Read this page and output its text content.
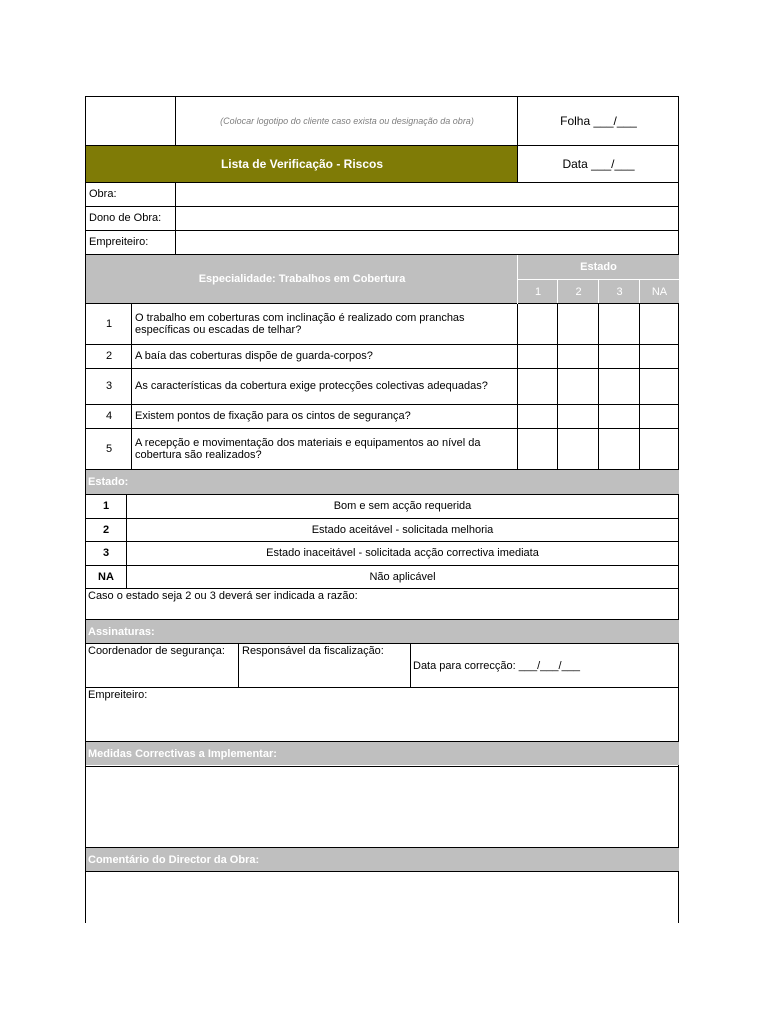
(Colocar logotipo do cliente caso exista ou designação da obra)	Folha ___/___
Lista de Verificação - Riscos	Data ___/___
Obra:
Dono de Obra:
Empreiteiro:
Especialidade: Trabalhos em Cobertura
Estado
1	2	3	NA
1	O trabalho em coberturas com inclinação é realizado com pranchas específicas ou escadas de telhar?
2	A baía das coberturas dispõe de guarda-corpos?
3	As características da cobertura exige protecções colectivas adequadas?
4	Existem pontos de fixação para os cintos de segurança?
5	A recepção e movimentação dos materiais e equipamentos ao nível da cobertura são realizados?
Estado:
1	Bom e sem acção requerida
2	Estado aceitável - solicitada melhoria
3	Estado inaceitável - solicitada acção correctiva imediata
NA	Não aplicável
Caso o estado seja 2 ou 3 deverá ser indicada a razão:
Assinaturas:
Coordenador de segurança:	Responsável da fiscalização:
Data para correcção: ___/___/___
Empreiteiro:
Medidas Correctivas a Implementar:
Comentário do Director da Obra:
